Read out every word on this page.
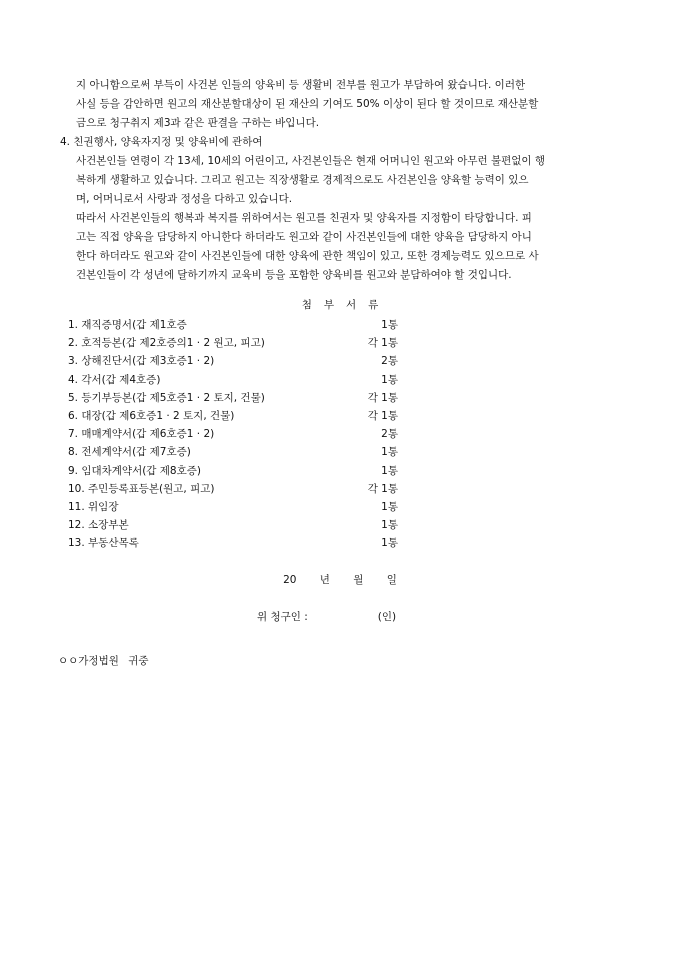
지 아니함으로써 부득이 사건본 인들의 양육비 등 생활비 전부를 원고가 부담하여 왔습니다. 이러한
사실 등을 감안하면 원고의 재산분할대상이 된 재산의 기여도 50% 이상이 된다 할 것이므로 재산분할
금으로 청구취지 제3과 같은 판결을 구하는 바입니다.
4. 친권행사, 양육자지정 및 양육비에 관하여
사건본인들 연령이 각 13세, 10세의 어린이고, 사건본인들은 현재 어머니인 원고와 아무런 불편없이 행
복하게 생활하고 있습니다. 그리고 원고는 직장생활로 경제적으로도 사건본인을 양육할 능력이 있으
며, 어머니로서 사랑과 정성을 다하고 있습니다.
따라서 사건본인들의 행복과 복지를 위하여서는 원고를 친권자 및 양육자를 지정함이 타당합니다. 피
고는 직접 양육을 담당하지 아니한다 하더라도 원고와 같이 사건본인들에 대한 양육을 담당하지 아니
한다 하더라도 원고와 같이 사건본인들에 대한 양육에 관한 책임이 있고, 또한 경제능력도 있으므로 사
건본인들이 각 성년에 달하기까지 교육비 등을 포함한 양육비를 원고와 분담하여야 할 것입니다.
첨부서류
1. 재직증명서(갑 제1호증	1통
2. 호적등본(갑 제2호증의1 · 2 원고, 피고)	각 1통
3. 상해진단서(갑 제3호증1 · 2)	2통
4. 각서(갑 제4호증)	1통
5. 등기부등본(갑 제5호증1 · 2 토지, 건물)	각 1통
6. 대장(갑 제6호증1 · 2 토지, 건물)	각 1통
7. 매매계약서(갑 제6호증1 · 2)	2통
8. 전세계약서(갑 제7호증)	1통
9. 임대차계약서(갑 제8호증)	1통
10. 주민등록표등본(원고, 피고)	각 1통
11. 위임장	1통
12. 소장부본	1통
13. 부동산목록	1통
20 년 월 일
위 청구인 :	(인)
ㅇㅇ가정법원 귀중
